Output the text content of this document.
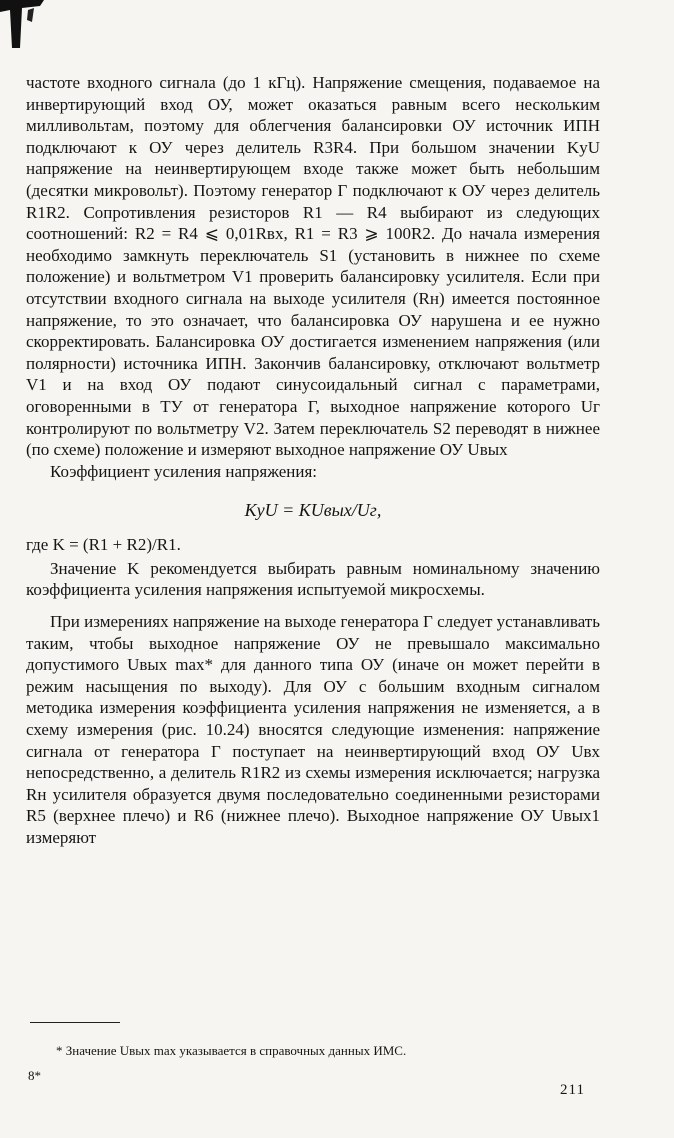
частоте входного сигнала (до 1 кГц). Напряжение смещения, подаваемое на инвертирующий вход ОУ, может оказаться равным всего нескольким милливольтам, поэтому для облегчения балансировки ОУ источник ИПН подключают к ОУ через делитель R3R4. При большом значении KyU напряжение на неинвертирующем входе также может быть небольшим (десятки микровольт). Поэтому генератор Г подключают к ОУ через делитель R1R2. Сопротивления резисторов R1 — R4 выбирают из следующих соотношений: R2 = R4 ⩽ 0,01Rвх, R1 = R3 ⩾ 100R2. До начала измерения необходимо замкнуть переключатель S1 (установить в нижнее по схеме положение) и вольтметром V1 проверить балансировку усилителя. Если при отсутствии входного сигнала на выходе усилителя (Rн) имеется постоянное напряжение, то это означает, что балансировка ОУ нарушена и ее нужно скорректировать. Балансировка ОУ достигается изменением напряжения (или полярности) источника ИПН. Закончив балансировку, отключают вольтметр V1 и на вход ОУ подают синусоидальный сигнал с параметрами, оговоренными в ТУ от генератора Г, выходное напряжение которого Uг контролируют по вольтметру V2. Затем переключатель S2 переводят в нижнее (по схеме) положение и измеряют выходное напряжение ОУ Uвых

Коэффициент усиления напряжения:

KyU = KUвых/Uг,

где K = (R1 + R2)/R1.

Значение K рекомендуется выбирать равным номинальному значению коэффициента усиления напряжения испытуемой микросхемы.

При измерениях напряжение на выходе генератора Г следует устанавливать таким, чтобы выходное напряжение ОУ не превышало максимально допустимого Uвых max* для данного типа ОУ (иначе он может перейти в режим насыщения по выходу). Для ОУ с большим входным сигналом методика измерения коэффициента усиления напряжения не изменяется, а в схему измерения (рис. 10.24) вносятся следующие изменения: напряжение сигнала от генератора Г поступает на неинвертирующий вход ОУ Uвх непосредственно, а делитель R1R2 из схемы измерения исключается; нагрузка Rн усилителя образуется двумя последовательно соединенными резисторами R5 (верхнее плечо) и R6 (нижнее плечо). Выходное напряжение ОУ Uвых1 измеряют

* Значение Uвых max указывается в справочных данных ИМС.
8*
211
